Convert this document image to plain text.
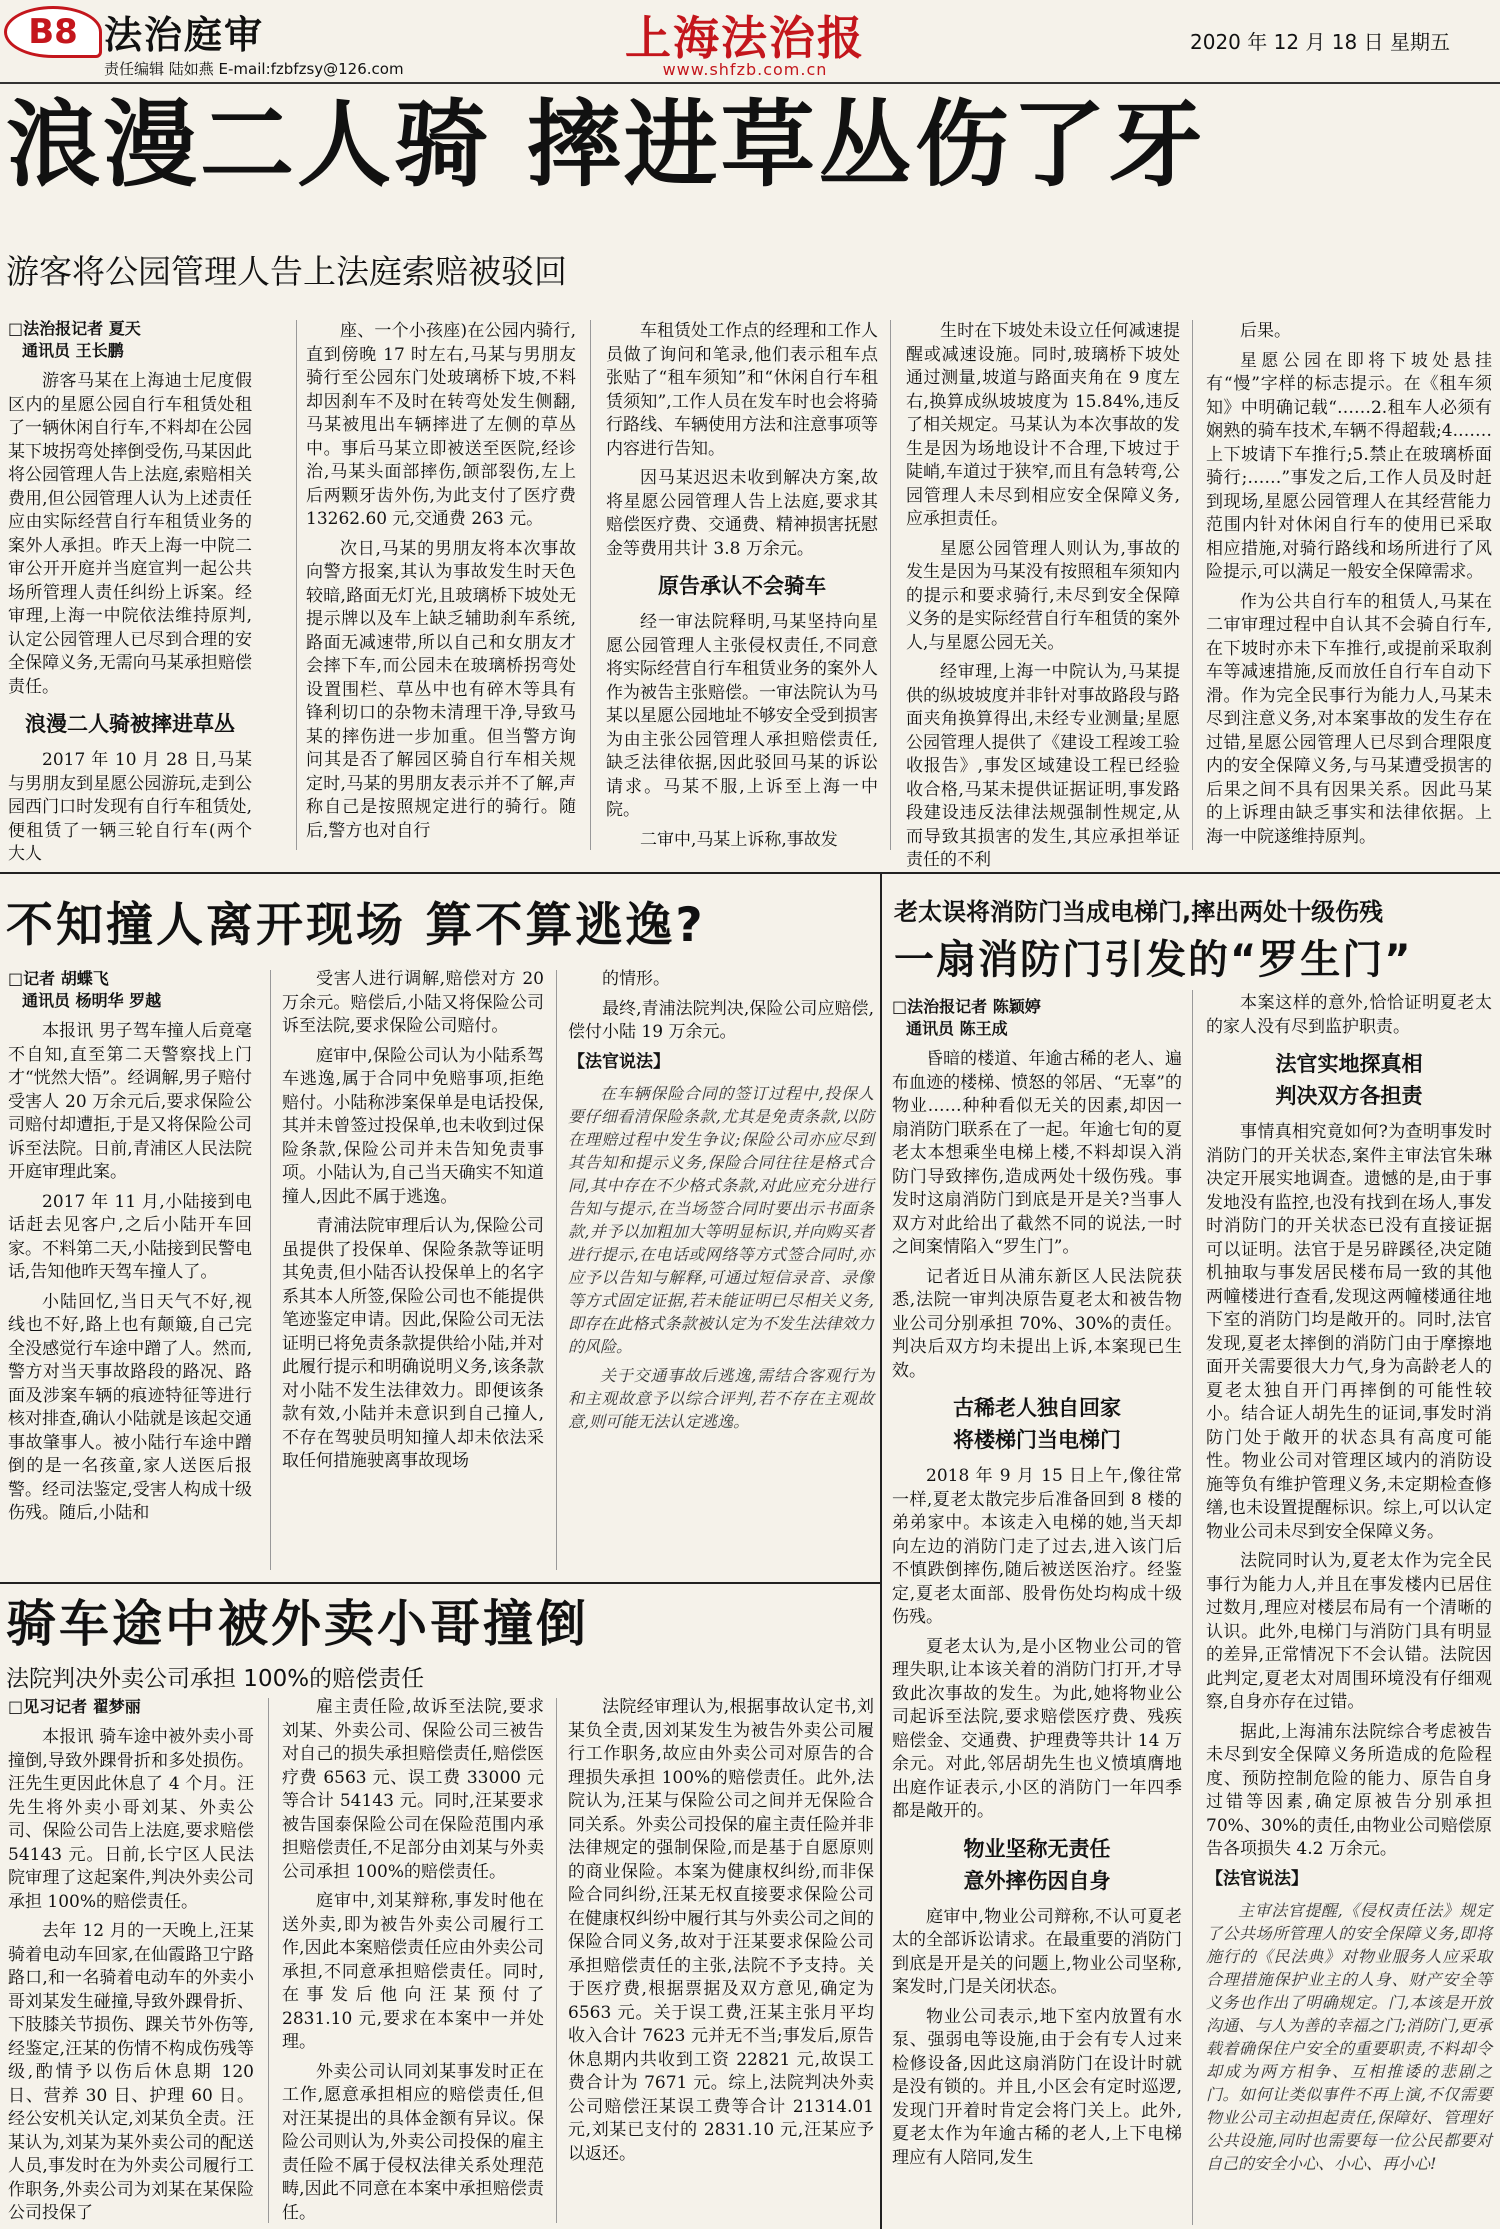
B8 法治庭审
责任编辑 陆如燕 E-mail:fzbfzsy@126.com
上海法治报
www.shfzb.com.cn
2020 年 12 月 18 日 星期五
浪漫二人骑 摔进草丛伤了牙
游客将公园管理人告上法庭索赔被驳回

□法治报记者 夏天

通讯员 王长鹏

游客马某在上海迪士尼度假区内的星愿公园自行车租赁处租了一辆休闲自行车,不料却在公园某下坡拐弯处摔倒受伤,马某因此将公园管理人告上法庭,索赔相关费用,但公园管理人认为上述责任应由实际经营自行车租赁业务的案外人承担。昨天上海一中院二审公开开庭并当庭宣判一起公共场所管理人责任纠纷上诉案。经审理,上海一中院依法维持原判,认定公园管理人已尽到合理的安全保障义务,无需向马某承担赔偿责任。

浪漫二人骑被摔进草丛

2017 年 10 月 28 日,马某与男朋友到星愿公园游玩,走到公园西门口时发现有自行车租赁处,便租赁了一辆三轮自行车(两个大人

座、一个小孩座)在公园内骑行,直到傍晚 17 时左右,马某与男朋友骑行至公园东门处玻璃桥下坡,不料却因刹车不及时在转弯处发生侧翻,马某被甩出车辆摔进了左侧的草丛中。事后马某立即被送至医院,经诊治,马某头面部摔伤,颌部裂伤,左上后两颗牙齿外伤,为此支付了医疗费 13262.60 元,交通费 263 元。

次日,马某的男朋友将本次事故向警方报案,其认为事故发生时天色较暗,路面无灯光,且玻璃桥下坡处无提示牌以及车上缺乏辅助刹车系统,路面无减速带,所以自己和女朋友才会摔下车,而公园未在玻璃桥拐弯处设置围栏、草丛中也有碎木等具有锋利切口的杂物未清理干净,导致马某的摔伤进一步加重。但当警方询问其是否了解园区骑自行车相关规定时,马某的男朋友表示并不了解,声称自己是按照规定进行的骑行。随后,警方也对自行

车租赁处工作点的经理和工作人员做了询问和笔录,他们表示租车点张贴了“租车须知”和“休闲自行车租赁须知”,工作人员在发车时也会将骑行路线、车辆使用方法和注意事项等内容进行告知。

因马某迟迟未收到解决方案,故将星愿公园管理人告上法庭,要求其赔偿医疗费、交通费、精神损害抚慰金等费用共计 3.8 万余元。

原告承认不会骑车

经一审法院释明,马某坚持向星愿公园管理人主张侵权责任,不同意将实际经营自行车租赁业务的案外人作为被告主张赔偿。一审法院认为马某以星愿公园地址不够安全受到损害为由主张公园管理人承担赔偿责任,缺乏法律依据,因此驳回马某的诉讼请求。马某不服,上诉至上海一中院。

二审中,马某上诉称,事故发

生时在下坡处未设立任何减速提醒或减速设施。同时,玻璃桥下坡处通过测量,坡道与路面夹角在 9 度左右,换算成纵坡坡度为 15.84%,违反了相关规定。马某认为本次事故的发生是因为场地设计不合理,下坡过于陡峭,车道过于狭窄,而且有急转弯,公园管理人未尽到相应安全保障义务,应承担责任。

星愿公园管理人则认为,事故的发生是因为马某没有按照租车须知内的提示和要求骑行,未尽到安全保障义务的是实际经营自行车租赁的案外人,与星愿公园无关。

经审理,上海一中院认为,马某提供的纵坡坡度并非针对事故路段与路面夹角换算得出,未经专业测量;星愿公园管理人提供了《建设工程竣工验收报告》,事发区域建设工程已经验收合格,马某未提供证据证明,事发路段建设违反法律法规强制性规定,从而导致其损害的发生,其应承担举证责任的不利

后果。

星愿公园在即将下坡处悬挂有“慢”字样的标志提示。在《租车须知》中明确记载“……2.租车人必须有娴熟的骑车技术,车辆不得超载;4.……上下坡请下车推行;5.禁止在玻璃桥面骑行;……”事发之后,工作人员及时赶到现场,星愿公园管理人在其经营能力范围内针对休闲自行车的使用已采取相应措施,对骑行路线和场所进行了风险提示,可以满足一般安全保障需求。

作为公共自行车的租赁人,马某在二审审理过程中自认其不会骑自行车,在下坡时亦未下车推行,或提前采取刹车等减速措施,反而放任自行车自动下滑。作为完全民事行为能力人,马某未尽到注意义务,对本案事故的发生存在过错,星愿公园管理人已尽到合理限度内的安全保障义务,与马某遭受损害的后果之间不具有因果关系。因此马某的上诉理由缺乏事实和法律依据。上海一中院遂维持原判。

不知撞人离开现场 算不算逃逸?

□记者 胡蝶飞

通讯员 杨明华 罗越

本报讯 男子驾车撞人后竟毫不自知,直至第二天警察找上门才“恍然大悟”。经调解,男子赔付受害人 20 万余元后,要求保险公司赔付却遭拒,于是又将保险公司诉至法院。日前,青浦区人民法院开庭审理此案。

2017 年 11 月,小陆接到电话赶去见客户,之后小陆开车回家。不料第二天,小陆接到民警电话,告知他昨天驾车撞人了。

小陆回忆,当日天气不好,视线也不好,路上也有颠簸,自己完全没感觉行车途中蹭了人。然而,警方对当天事故路段的路况、路面及涉案车辆的痕迹特征等进行核对排查,确认小陆就是该起交通事故肇事人。被小陆行车途中蹭倒的是一名孩童,家人送医后报警。经司法鉴定,受害人构成十级伤残。随后,小陆和

受害人进行调解,赔偿对方 20 万余元。赔偿后,小陆又将保险公司诉至法院,要求保险公司赔付。

庭审中,保险公司认为小陆系驾车逃逸,属于合同中免赔事项,拒绝赔付。小陆称涉案保单是电话投保,其并未曾签过投保单,也未收到过保险条款,保险公司并未告知免责事项。小陆认为,自己当天确实不知道撞人,因此不属于逃逸。

青浦法院审理后认为,保险公司虽提供了投保单、保险条款等证明其免责,但小陆否认投保单上的名字系其本人所签,保险公司也不能提供笔迹鉴定申请。因此,保险公司无法证明已将免责条款提供给小陆,并对此履行提示和明确说明义务,该条款对小陆不发生法律效力。即便该条款有效,小陆并未意识到自己撞人,不存在驾驶员明知撞人却未依法采取任何措施驶离事故现场

的情形。

最终,青浦法院判决,保险公司应赔偿,偿付小陆 19 万余元。

【法官说法】

在车辆保险合同的签订过程中,投保人要仔细看清保险条款,尤其是免责条款,以防在理赔过程中发生争议;保险公司亦应尽到其告知和提示义务,保险合同往往是格式合同,其中存在不少格式条款,对此应充分进行告知与提示,在当场签合同时要出示书面条款,并予以加粗加大等明显标识,并向购买者进行提示,在电话或网络等方式签合同时,亦应予以告知与解释,可通过短信录音、录像等方式固定证据,若未能证明已尽相关义务,即存在此格式条款被认定为不发生法律效力的风险。

关于交通事故后逃逸,需结合客观行为和主观故意予以综合评判,若不存在主观故意,则可能无法认定逃逸。

骑车途中被外卖小哥撞倒
法院判决外卖公司承担 100%的赔偿责任

□见习记者 翟梦丽

本报讯 骑车途中被外卖小哥撞倒,导致外踝骨折和多处损伤。汪先生更因此休息了 4 个月。汪先生将外卖小哥刘某、外卖公司、保险公司告上法庭,要求赔偿 54143 元。日前,长宁区人民法院审理了这起案件,判决外卖公司承担 100%的赔偿责任。

去年 12 月的一天晚上,汪某骑着电动车回家,在仙霞路卫宁路路口,和一名骑着电动车的外卖小哥刘某发生碰撞,导致外踝骨折、下肢膝关节损伤、踝关节外伤等,经鉴定,汪某的伤情不构成伤残等级,酌情予以伤后休息期 120 日、营养 30 日、护理 60 日。经公安机关认定,刘某负全责。汪某认为,刘某为某外卖公司的配送人员,事发时在为外卖公司履行工作职务,外卖公司为刘某在某保险公司投保了

雇主责任险,故诉至法院,要求刘某、外卖公司、保险公司三被告对自己的损失承担赔偿责任,赔偿医疗费 6563 元、误工费 33000 元等合计 54143 元。同时,汪某要求被告国泰保险公司在保险范围内承担赔偿责任,不足部分由刘某与外卖公司承担 100%的赔偿责任。

庭审中,刘某辩称,事发时他在送外卖,即为被告外卖公司履行工作,因此本案赔偿责任应由外卖公司承担,不同意承担赔偿责任。同时,在事发后他向汪某预付了 2831.10 元,要求在本案中一并处理。

外卖公司认同刘某事发时正在工作,愿意承担相应的赔偿责任,但对汪某提出的具体金额有异议。保险公司则认为,外卖公司投保的雇主责任险不属于侵权法律关系处理范畴,因此不同意在本案中承担赔偿责任。

法院经审理认为,根据事故认定书,刘某负全责,因刘某发生为被告外卖公司履行工作职务,故应由外卖公司对原告的合理损失承担 100%的赔偿责任。此外,法院认为,汪某与保险公司之间并无保险合同关系。外卖公司投保的雇主责任险并非法律规定的强制保险,而是基于自愿原则的商业保险。本案为健康权纠纷,而非保险合同纠纷,汪某无权直接要求保险公司在健康权纠纷中履行其与外卖公司之间的保险合同义务,故对于汪某要求保险公司承担赔偿责任的主张,法院不予支持。关于医疗费,根据票据及双方意见,确定为 6563 元。关于误工费,汪某主张月平均收入合计 7623 元并无不当;事发后,原告休息期内共收到工资 22821 元,故误工费合计为 7671 元。综上,法院判决外卖公司赔偿汪某误工费等合计 21314.01 元,刘某已支付的 2831.10 元,汪某应予以返还。

老太误将消防门当成电梯门,摔出两处十级伤残
一扇消防门引发的“罗生门”

□法治报记者 陈颖婷

通讯员 陈王成

昏暗的楼道、年逾古稀的老人、遍布血迹的楼梯、愤怒的邻居、“无辜”的物业……种种看似无关的因素,却因一扇消防门联系在了一起。年逾七旬的夏老太本想乘坐电梯上楼,不料却误入消防门导致摔伤,造成两处十级伤残。事发时这扇消防门到底是开是关?当事人双方对此给出了截然不同的说法,一时之间案情陷入“罗生门”。

记者近日从浦东新区人民法院获悉,法院一审判决原告夏老太和被告物业公司分别承担 70%、30%的责任。判决后双方均未提出上诉,本案现已生效。

古稀老人独自回家
将楼梯门当电梯门

2018 年 9 月 15 日上午,像往常一样,夏老太散完步后准备回到 8 楼的弟弟家中。本该走入电梯的她,当天却向左边的消防门走了过去,进入该门后不慎跌倒摔伤,随后被送医治疗。经鉴定,夏老太面部、股骨伤处均构成十级伤残。

夏老太认为,是小区物业公司的管理失职,让本该关着的消防门打开,才导致此次事故的发生。为此,她将物业公司起诉至法院,要求赔偿医疗费、残疾赔偿金、交通费、护理费等共计 14 万余元。对此,邻居胡先生也义愤填膺地出庭作证表示,小区的消防门一年四季都是敞开的。

物业坚称无责任
意外摔伤因自身

庭审中,物业公司辩称,不认可夏老太的全部诉讼请求。在最重要的消防门到底是开是关的问题上,物业公司坚称,案发时,门是关闭状态。

物业公司表示,地下室内放置有水泵、强弱电等设施,由于会有专人过来检修设备,因此这扇消防门在设计时就是没有锁的。并且,小区会有定时巡逻,发现门开着时肯定会将门关上。此外,夏老太作为年逾古稀的老人,上下电梯理应有人陪同,发生

本案这样的意外,恰恰证明夏老太的家人没有尽到监护职责。

法官实地探真相
判决双方各担责

事情真相究竟如何?为查明事发时消防门的开关状态,案件主审法官朱琳决定开展实地调查。遗憾的是,由于事发地没有监控,也没有找到在场人,事发时消防门的开关状态已没有直接证据可以证明。法官于是另辟蹊径,决定随机抽取与事发居民楼布局一致的其他两幢楼进行查看,发现这两幢楼通往地下室的消防门均是敞开的。同时,法官发现,夏老太摔倒的消防门由于摩擦地面开关需要很大力气,身为高龄老人的夏老太独自开门再摔倒的可能性较小。结合证人胡先生的证词,事发时消防门处于敞开的状态具有高度可能性。物业公司对管理区域内的消防设施等负有维护管理义务,未定期检查修缮,也未设置提醒标识。综上,可以认定物业公司未尽到安全保障义务。

法院同时认为,夏老太作为完全民事行为能力人,并且在事发楼内已居住过数月,理应对楼层布局有一个清晰的认识。此外,电梯门与消防门具有明显的差异,正常情况下不会认错。法院因此判定,夏老太对周围环境没有仔细观察,自身亦存在过错。

据此,上海浦东法院综合考虑被告未尽到安全保障义务所造成的危险程度、预防控制危险的能力、原告自身过错等因素,确定原被告分别承担 70%、30%的责任,由物业公司赔偿原告各项损失 4.2 万余元。

【法官说法】

主审法官提醒,《侵权责任法》规定了公共场所管理人的安全保障义务,即将施行的《民法典》对物业服务人应采取合理措施保护业主的人身、财产安全等义务也作出了明确规定。门,本该是开放沟通、与人为善的幸福之门;消防门,更承载着确保住户安全的重要职责,不料却令却成为两方相争、互相推诿的悲剧之门。如何让类似事件不再上演,不仅需要物业公司主动担起责任,保障好、管理好公共设施,同时也需要每一位公民都要对自己的安全小心、小心、再小心!
